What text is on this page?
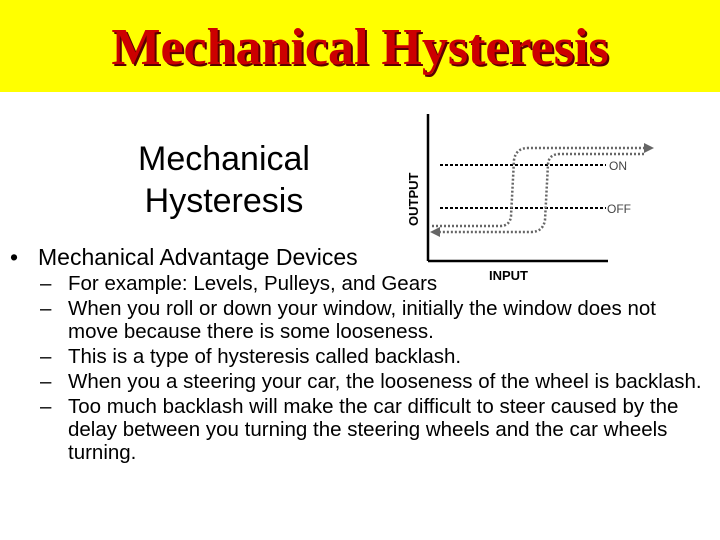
Mechanical Hysteresis
Mechanical
Hysteresis	OUTPUT
INPUT
ON
OFF
• Mechanical Advantage Devices
– For example: Levels, Pulleys, and Gears
– When you roll or down your window, initially the window does not move because there is some looseness.
– This is a type of hysteresis called backlash.
– When you a steering your car, the looseness of the wheel is backlash.
– Too much backlash will make the car difficult to steer caused by the delay between you turning the steering wheels and the car wheels turning.
